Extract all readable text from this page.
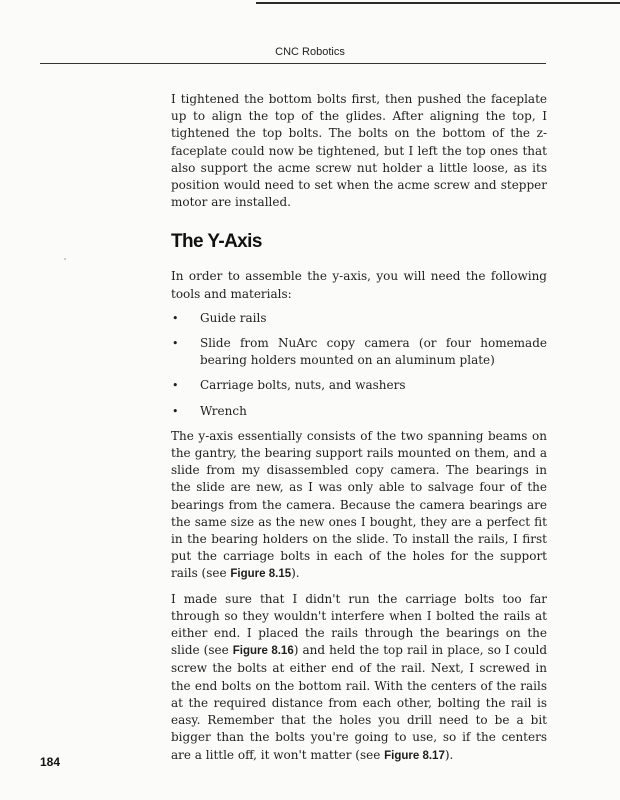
CNC Robotics

I tightened the bottom bolts first, then pushed the faceplate up to align the top of the glides. After aligning the top, I tightened the top bolts. The bolts on the bottom of the z-faceplate could now be tightened, but I left the top ones that also support the acme screw nut holder a little loose, as its position would need to set when the acme screw and stepper motor are installed.

The Y-Axis

In order to assemble the y-axis, you will need the following tools and materials:

• Guide rails
• Slide from NuArc copy camera (or four homemade bearing holders mounted on an aluminum plate)
• Carriage bolts, nuts, and washers
• Wrench

The y-axis essentially consists of the two spanning beams on the gantry, the bearing support rails mounted on them, and a slide from my disassembled copy camera. The bearings in the slide are new, as I was only able to salvage four of the bearings from the camera. Because the camera bearings are the same size as the new ones I bought, they are a perfect fit in the bearing holders on the slide. To install the rails, I first put the carriage bolts in each of the holes for the support rails (see Figure 8.15).

I made sure that I didn't run the carriage bolts too far through so they wouldn't interfere when I bolted the rails at either end. I placed the rails through the bearings on the slide (see Figure 8.16) and held the top rail in place, so I could screw the bolts at either end of the rail. Next, I screwed in the end bolts on the bottom rail. With the centers of the rails at the required distance from each other, bolting the rail is easy. Remember that the holes you drill need to be a bit bigger than the bolts you're going to use, so if the centers are a little off, it won't matter (see Figure 8.17).

184
